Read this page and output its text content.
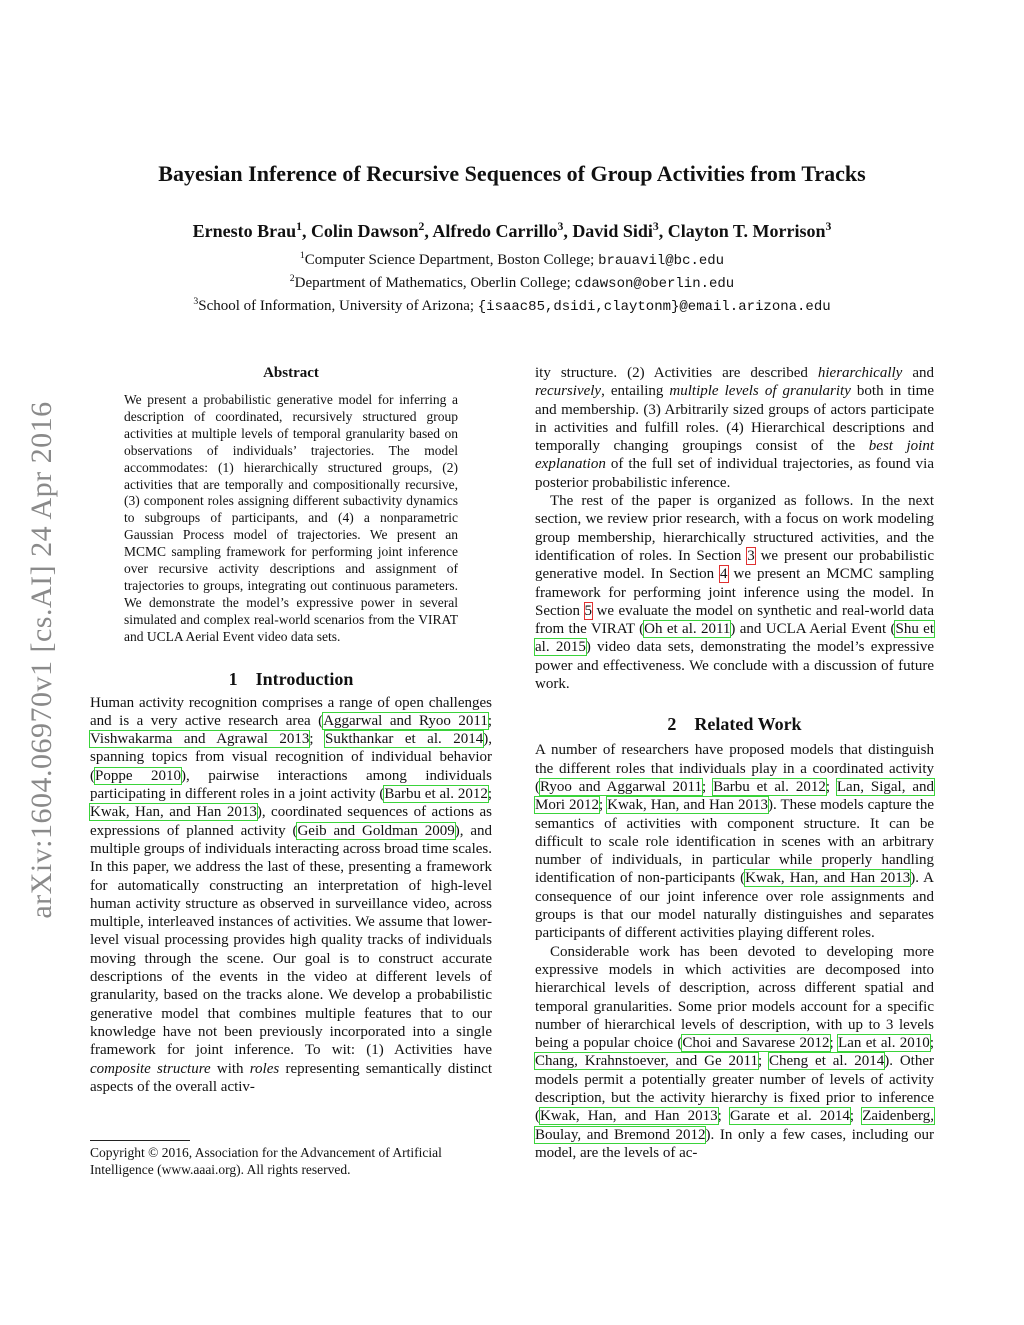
arXiv:1604.06970v1 [cs.AI] 24 Apr 2016
Bayesian Inference of Recursive Sequences of Group Activities from Tracks
Ernesto Brau$^1$, Colin Dawson$^2$, Alfredo Carrillo$^3$, David Sidi$^3$, Clayton T. Morrison$^3$
$^1$Computer Science Department, Boston College; brauavil@bc.edu
$^2$Department of Mathematics, Oberlin College; cdawson@oberlin.edu
$^3$School of Information, University of Arizona; {isaac85,dsidi,claytonm}@email.arizona.edu
Abstract

We present a probabilistic generative model for inferring a description of coordinated, recursively structured group activities at multiple levels of temporal granularity based on observations of individuals’ trajectories. The model accommodates: (1) hierarchically structured groups, (2) activities that are temporally and compositionally recursive, (3) component roles assigning different subactivity dynamics to subgroups of participants, and (4) a nonparametric Gaussian Process model of trajectories. We present an MCMC sampling framework for performing joint inference over recursive activity descriptions and assignment of trajectories to groups, integrating out continuous parameters. We demonstrate the model’s expressive power in several simulated and complex real-world scenarios from the VIRAT and UCLA Aerial Event video data sets.

1 Introduction

Human activity recognition comprises a range of open challenges and is a very active research area (Aggarwal and Ryoo 2011; Vishwakarma and Agrawal 2013; Sukthankar et al. 2014), spanning topics from visual recognition of individual behavior (Poppe 2010), pairwise interactions among individuals participating in different roles in a joint activity (Barbu et al. 2012; Kwak, Han, and Han 2013), coordinated sequences of actions as expressions of planned activity (Geib and Goldman 2009), and multiple groups of individuals interacting across broad time scales. In this paper, we address the last of these, presenting a framework for automatically constructing an interpretation of high-level human activity structure as observed in surveillance video, across multiple, interleaved instances of activities. We assume that lower-level visual processing provides high quality tracks of individuals moving through the scene. Our goal is to construct accurate descriptions of the events in the video at different levels of granularity, based on the tracks alone. We develop a probabilistic generative model that combines multiple features that to our knowledge have not been previously incorporated into a single framework for joint inference. To wit: (1) Activities have composite structure with roles representing semantically distinct aspects of the overall activ-

Copyright © 2016, Association for the Advancement of Artificial Intelligence (www.aaai.org). All rights reserved.

ity structure. (2) Activities are described hierarchically and recursively, entailing multiple levels of granularity both in time and membership. (3) Arbitrarily sized groups of actors participate in activities and fulfill roles. (4) Hierarchical descriptions and temporally changing groupings consist of the best joint explanation of the full set of individual trajectories, as found via posterior probabilistic inference.

The rest of the paper is organized as follows. In the next section, we review prior research, with a focus on work modeling group membership, hierarchically structured activities, and the identification of roles. In Section 3 we present our probabilistic generative model. In Section 4 we present an MCMC sampling framework for performing joint inference using the model. In Section 5 we evaluate the model on synthetic and real-world data from the VIRAT (Oh et al. 2011) and UCLA Aerial Event (Shu et al. 2015) video data sets, demonstrating the model’s expressive power and effectiveness. We conclude with a discussion of future work.

2 Related Work

A number of researchers have proposed models that distinguish the different roles that individuals play in a coordinated activity (Ryoo and Aggarwal 2011; Barbu et al. 2012; Lan, Sigal, and Mori 2012; Kwak, Han, and Han 2013). These models capture the semantics of activities with component structure. It can be difficult to scale role identification in scenes with an arbitrary number of individuals, in particular while properly handling identification of non-participants (Kwak, Han, and Han 2013). A consequence of our joint inference over role assignments and groups is that our model naturally distinguishes and separates participants of different activities playing different roles.

Considerable work has been devoted to developing more expressive models in which activities are decomposed into hierarchical levels of description, across different spatial and temporal granularities. Some prior models account for a specific number of hierarchical levels of description, with up to 3 levels being a popular choice (Choi and Savarese 2012; Lan et al. 2010; Chang, Krahnstoever, and Ge 2011; Cheng et al. 2014). Other models permit a potentially greater number of levels of activity description, but the activity hierarchy is fixed prior to inference (Kwak, Han, and Han 2013; Garate et al. 2014; Zaidenberg, Boulay, and Bremond 2012). In only a few cases, including our model, are the levels of ac-
